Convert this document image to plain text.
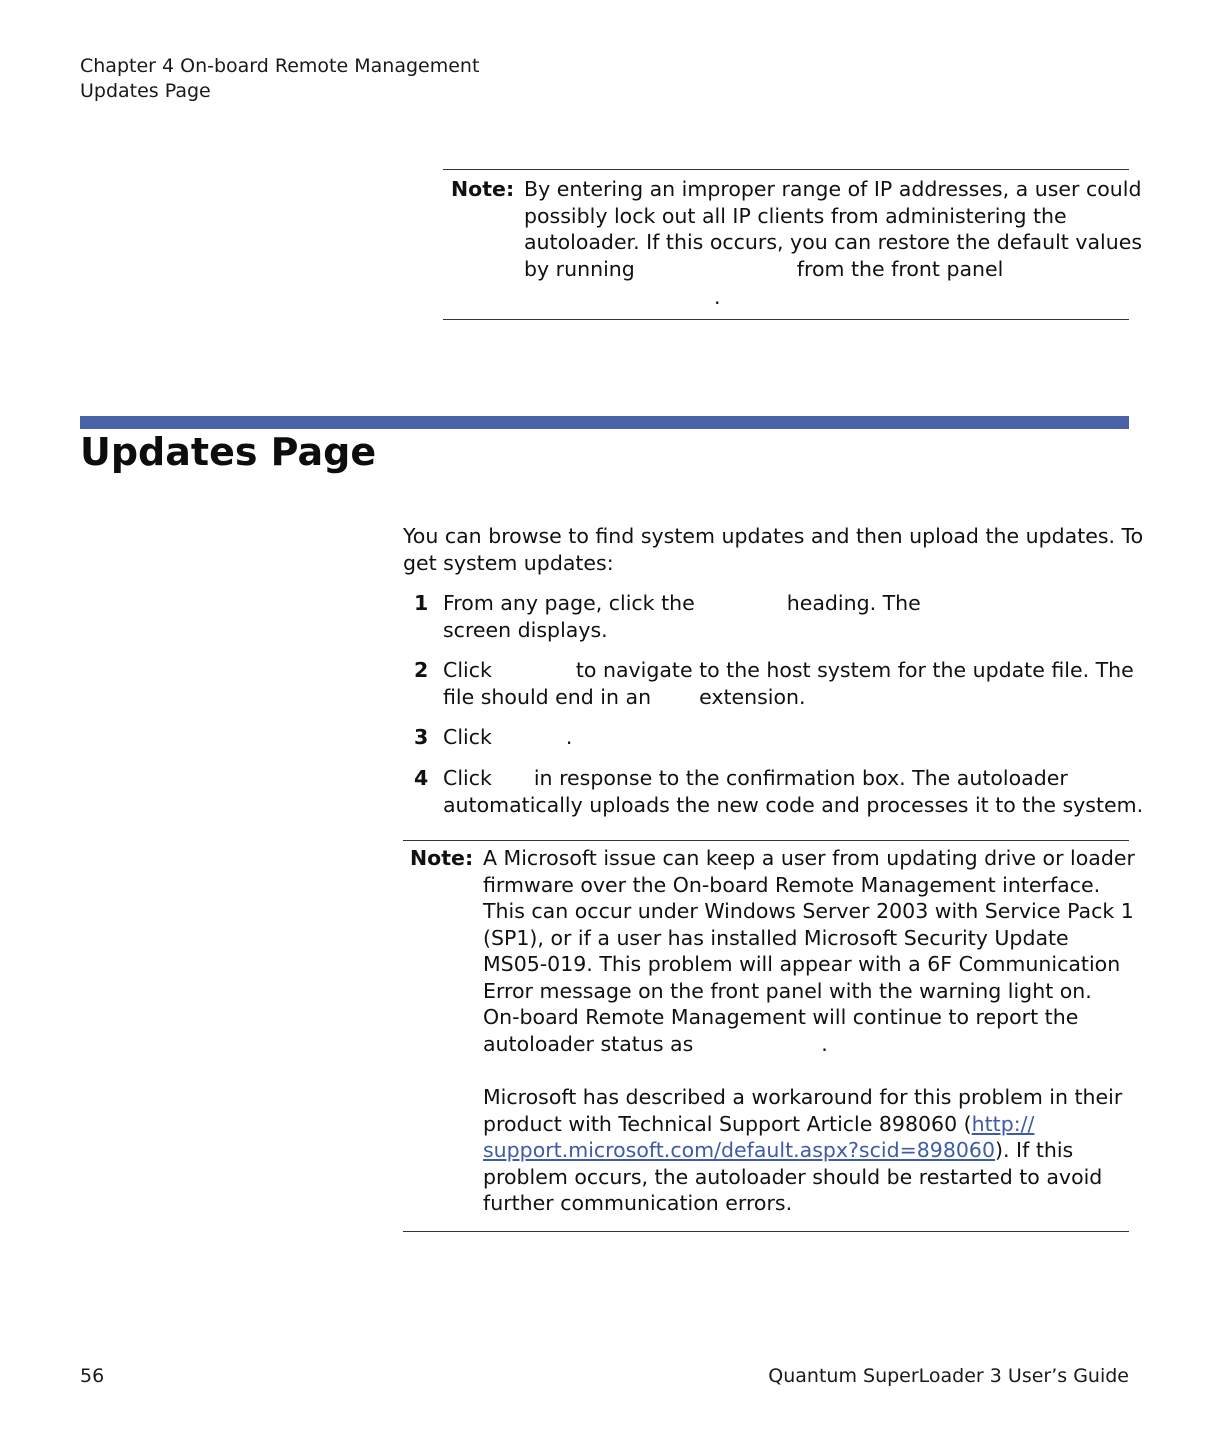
Chapter 4 On-board Remote Management
Updates Page
Note: By entering an improper range of IP addresses, a user could
possibly lock out all IP clients from administering the
autoloader. If this occurs, you can restore the default values
by running	from the front panel
.
Updates Page
You can browse to find system updates and then upload the updates. To
get system updates:
1 From any page, click the	heading. The
screen displays.
2 Click	to navigate to the host system for the update file. The
file should end in an extension.
3 Click	.
4 Click in response to the confirmation box. The autoloader
automatically uploads the new code and processes it to the system.
Note: A Microsoft issue can keep a user from updating drive or loader
firmware over the On-board Remote Management interface.
This can occur under Windows Server 2003 with Service Pack 1
(SP1), or if a user has installed Microsoft Security Update
MS05-019. This problem will appear with a 6F Communication
Error message on the front panel with the warning light on.
On-board Remote Management will continue to report the
autoloader status as	.
Microsoft has described a workaround for this problem in their
product with Technical Support Article 898060 (http://
support.microsoft.com/default.aspx?scid=898060). If this
problem occurs, the autoloader should be restarted to avoid
further communication errors.
56	Quantum SuperLoader 3 User’s Guide
